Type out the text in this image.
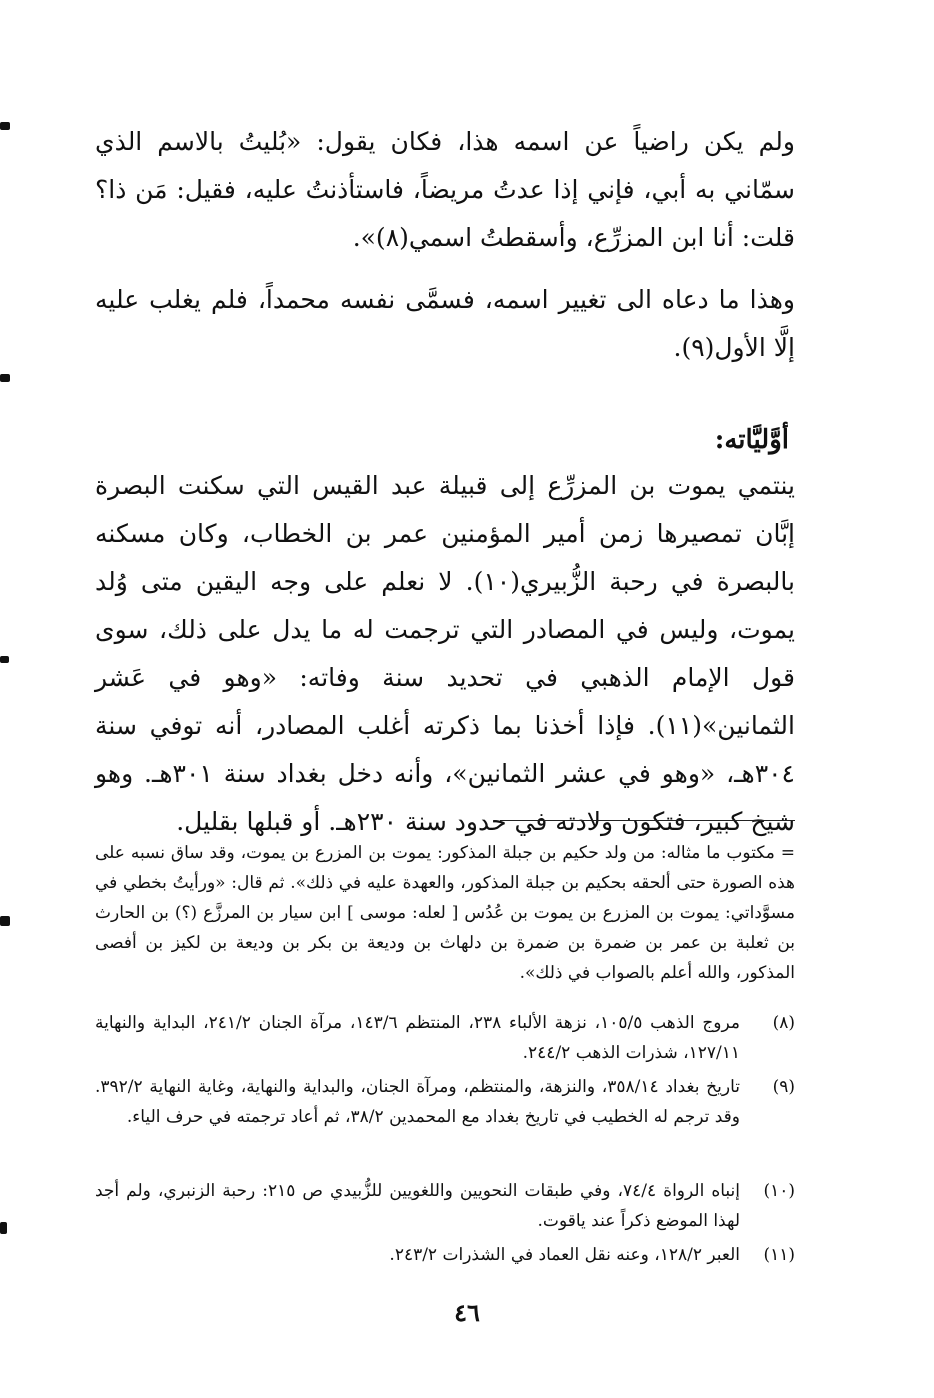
ولم يكن راضياً عن اسمه هذا، فكان يقول: «بُليتُ بالاسم الذي سمّاني به أبي، فإني إذا عدتُ مريضاً، فاستأذنتُ عليه، فقيل: مَن ذا؟ قلت: أنا ابن المزرِّع، وأسقطتُ اسمي(٨)».

وهذا ما دعاه الى تغيير اسمه، فسمَّى نفسه محمداً، فلم يغلب عليه إلَّا الأول(٩).

أوَّليَّاته:

ينتمي يموت بن المزرِّع إلى قبيلة عبد القيس التي سكنت البصرة إبَّان تمصيرها زمن أمير المؤمنين عمر بن الخطاب، وكان مسكنه بالبصرة في رحبة الزُّبيري(١٠). لا نعلم على وجه اليقين متى وُلد يموت، وليس في المصادر التي ترجمت له ما يدل على ذلك، سوى قول الإمام الذهبي في تحديد سنة وفاته: «وهو في عَشر الثمانين»(١١). فإذا أخذنا بما ذكرته أغلب المصادر، أنه توفي سنة ٣٠٤هـ، «وهو في عشر الثمانين»، وأنه دخل بغداد سنة ٣٠١هـ. وهو شيخ كبير، فتكون ولادته في حدود سنة ٢٣٠هـ. أو قبلها بقليل.

= مكتوب ما مثاله: من ولد حكيم بن جبلة المذكور: يموت بن المزرع بن يموت، وقد ساق نسبه على هذه الصورة حتى ألحقه بحكيم بن جبلة المذكور، والعهدة عليه في ذلك». ثم قال: «ورأيتُ بخطي في مسوَّداتي: يموت بن المزرع بن يموت بن عُدُس [ لعله: موسى ] ابن سيار بن المرزَّع (؟) بن الحارث بن ثعلبة بن عمر بن ضمرة بن ضمرة بن دلهاث بن وديعة بن بكر بن وديعة بن لكيز بن أفصى المذكور، والله أعلم بالصواب في ذلك».

(٨)
مروج الذهب ١٠٥/٥، نزهة الألباء ٢٣٨، المنتظم ١٤٣/٦، مرآة الجنان ٢٤١/٢، البداية والنهاية ١٢٧/١١، شذرات الذهب ٢٤٤/٢.
(٩)
تاريخ بغداد ٣٥٨/١٤، والنزهة، والمنتظم، ومرآة الجنان، والبداية والنهاية، وغاية النهاية ٣٩٢/٢. وقد ترجم له الخطيب في تاريخ بغداد مع المحمدين ٣٨/٢، ثم أعاد ترجمته في حرف الياء.
(١٠)
إنباه الرواة ٧٤/٤، وفي طبقات النحويين واللغويين للزُّبيدي ص ٢١٥: رحبة الزنبري، ولم أجد لهذا الموضع ذكراً عند ياقوت.
(١١)
العبر ١٢٨/٢، وعنه نقل العماد في الشذرات ٢٤٣/٢.
٤٦
